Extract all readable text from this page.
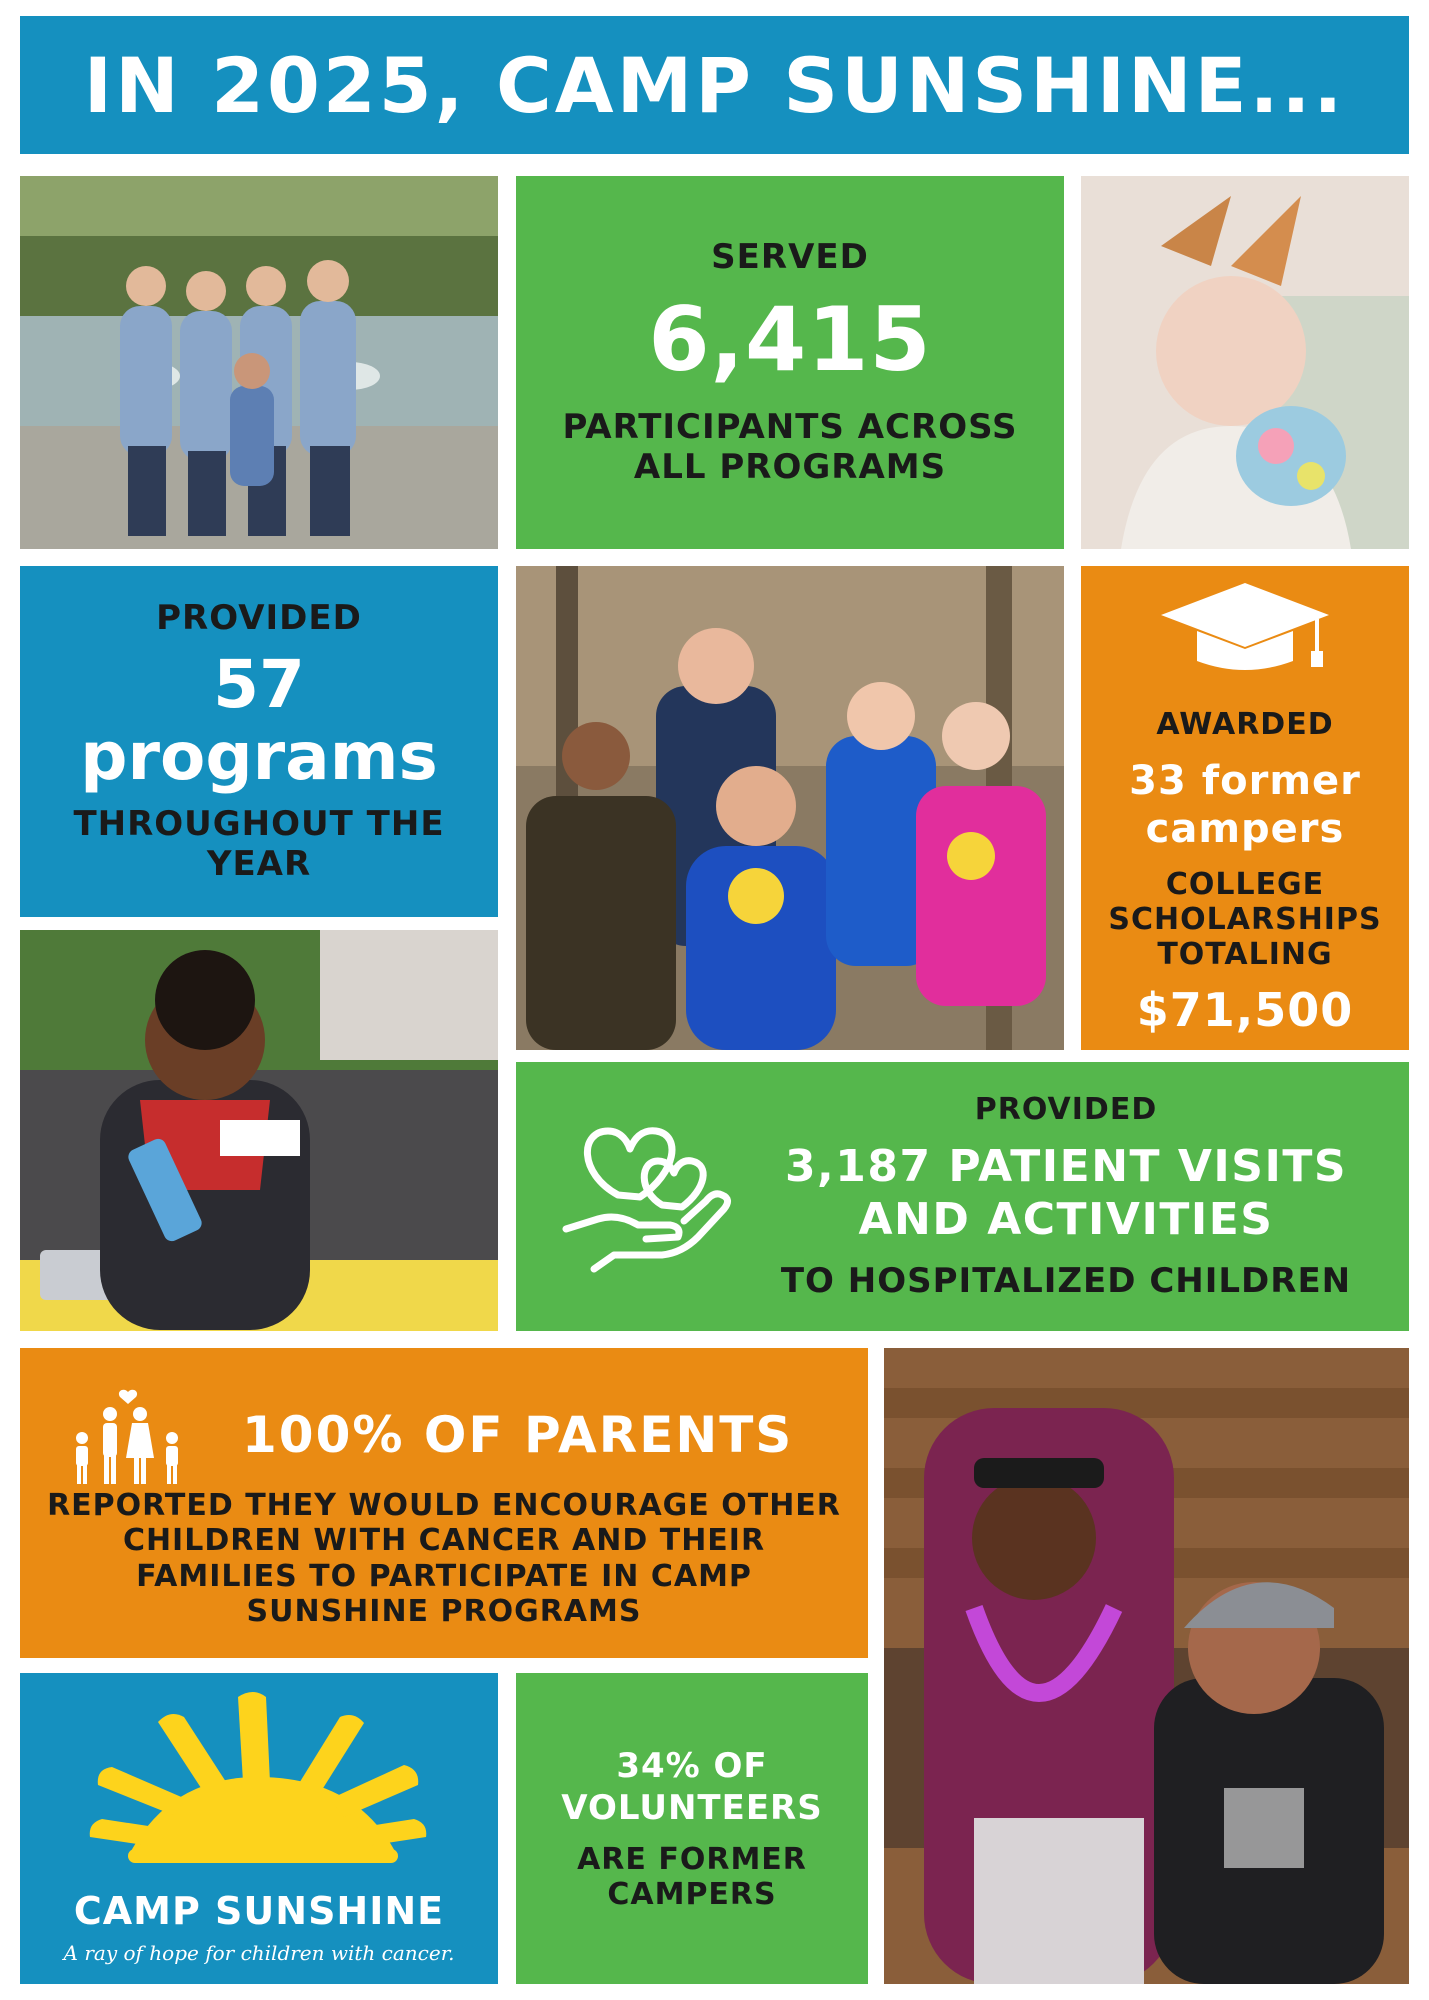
IN 2025, CAMP SUNSHINE...
SERVED
6,415
PARTICIPANTS ACROSS
ALL PROGRAMS
PROVIDED
57
programs
THROUGHOUT THE
YEAR
AWARDED
33 former
campers
COLLEGE
SCHOLARSHIPS
TOTALING
$71,500
PROVIDED
3,187 PATIENT VISITS
AND ACTIVITIES
TO HOSPITALIZED CHILDREN
100% OF PARENTS
REPORTED THEY WOULD ENCOURAGE OTHER
CHILDREN WITH CANCER AND THEIR
FAMILIES TO PARTICIPATE IN CAMP
SUNSHINE PROGRAMS
CAMP SUNSHINE
A ray of hope for children with cancer.
34% OF
VOLUNTEERS
ARE FORMER
CAMPERS
